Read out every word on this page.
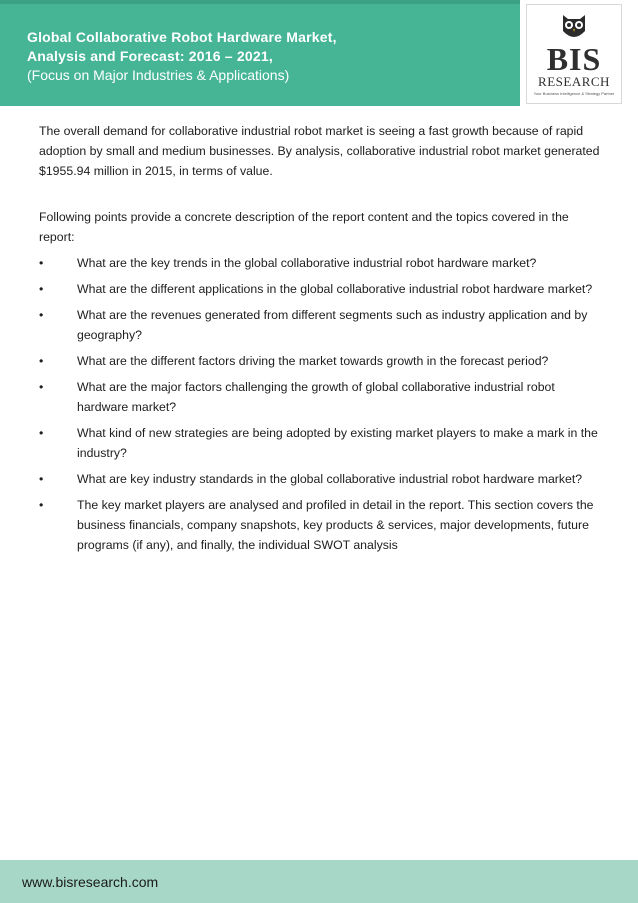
Global Collaborative Robot Hardware Market,
Analysis and Forecast: 2016 – 2021,
(Focus on Major Industries & Applications)	BIS
RESEARCH
Your Business Intelligence & Strategy Partner

The overall demand for collaborative industrial robot market is seeing a fast growth because of rapid adoption by small and medium businesses. By analysis, collaborative industrial robot market generated $1955.94 million in 2015, in terms of value.

Following points provide a concrete description of the report content and the topics covered in the report:

•	What are the key trends in the global collaborative industrial robot hardware market?
•	What are the different applications in the global collaborative industrial robot hardware market?
•	What are the revenues generated from different segments such as industry application and by geography?
•	What are the different factors driving the market towards growth in the forecast period?
•	What are the major factors challenging the growth of global collaborative industrial robot hardware market?
•	What kind of new strategies are being adopted by existing market players to make a mark in the industry?
•	What are key industry standards in the global collaborative industrial robot hardware market?
•	The key market players are analysed and profiled in detail in the report. This section covers the business financials, company snapshots, key products & services, major developments, future programs (if any), and finally, the individual SWOT analysis
www.bisresearch.com
